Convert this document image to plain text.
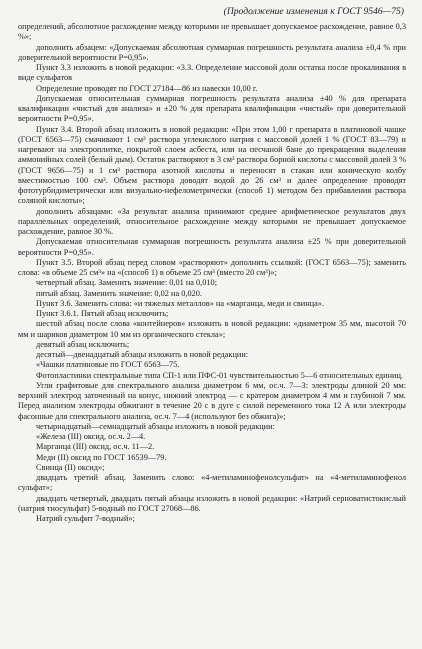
(Продолжение изменения к ГОСТ 9546—75)

определений, абсолютное расхождение между которыми не превышает допускаемое расхождение, равное 0,3 %»;

дополнить абзацем: «Допускаемая абсолютная суммарная погрешность результата анализа ±0,4 % при доверительной вероятности P=0,95».

Пункт 3.3 изложить в новой редакции: «3.3. Определение массовой доли остатка после прокаливания в виде сульфатов

Определение проводят по ГОСТ 27184—86 из навески 10,00 г.

Допускаемая относительная суммарная погрешность результата анализа ±40 % для препарата квалификации «чистый для анализа» и ±20 % для препарата квалификации «чистый» при доверительной вероятности P=0,95».

Пункт 3.4. Второй абзац изложить в новой редакции: «При этом 1,00 г препарата в платиновой чашке (ГОСТ 6563—75) смачивают 1 см³ раствора углекислого натрия с массовой долей 1 % (ГОСТ 83—79) и нагревают на электроплитке, покрытой слоем асбеста, или на песчаной бане до прекращения выделения аммонийных солей (белый дым). Остаток растворяют в 3 см³ раствора борной кислоты с массовой долей 3 % (ГОСТ 9656—75) и 1 см³ раствора азотной кислоты и переносят в стакан или коническую колбу вместимостью 100 см³. Объем раствора доводят водой до 26 см³ и далее определение проводят фототурбидиметрически или визуально-нефелометрически (способ 1) методом без прибавления раствора соляной кислоты»;

дополнить абзацами: «За результат анализа принимают среднее арифметическое результатов двух параллельных определений, относительное расхождение между которыми не превышает допускаемое расхождение, равное 30 %.

Допускаемая относительная суммарная погрешность результата анализа ±25 % при доверительной вероятности P=0,95».

Пункт 3.5. Второй абзац перед словом «растворяют» дополнить ссылкой: (ГОСТ 6563—75); заменить слова: «в объеме 25 см³» на «(способ 1) в объеме 25 см³ (вместо 20 см³)»;

четвертый абзац. Заменить значение: 0,01 на 0,010;

пятый абзац. Заменить значение: 0,02 на 0,020.

Пункт 3.6. Заменить слова: «и тяжелых металлов» на «марганца, меди и свинца».

Пункт 3.6.1. Пятый абзац исключить;

шестой абзац после слова «контейнеров» изложить в новой редакции: «диаметром 35 мм, высотой 70 мм и шариков диаметром 10 мм из органического стекла»;

девятый абзац исключить;

десятый—двенадцатый абзацы изложить в новой редакции:

«Чашки платиновые по ГОСТ 6563—75.

Фотопластинки спектральные типа СП-1 или ПФС-01 чувствительностью 5—6 относительных единиц.

Угли графитовые для спектрального анализа диаметром 6 мм, ос.ч. 7—3: электроды длиной 20 мм: верхний электрод заточенный на конус, нижний электрод — с кратером диаметром 4 мм и глубиной 7 мм. Перед анализом электроды обжигают в течение 20 с в дуге с силой переменного тока 12 А или электроды фасонные для спектрального анализа, ос.ч. 7—4 (используют без обжига)»;

четырнадцатый—семнадцатый абзацы изложить в новой редакции:

«Железа (III) оксид, ос.ч. 2—4.

Марганца (III) оксид, ос.ч. 11—2.

Меди (II) оксид по ГОСТ 16539—79.

Свинца (II) оксид»;

двадцать третий абзац. Заменить слово: «4-метиламинофенолсульфат» на «4-метиламинофенол сульфат»;

двадцать четвертый, двадцать пятый абзацы изложить в новой редакции: «Натрий серноватистокислый (натрия тиосульфат) 5-водный по ГОСТ 27068—86.

Натрий сульфит 7-водный»;
